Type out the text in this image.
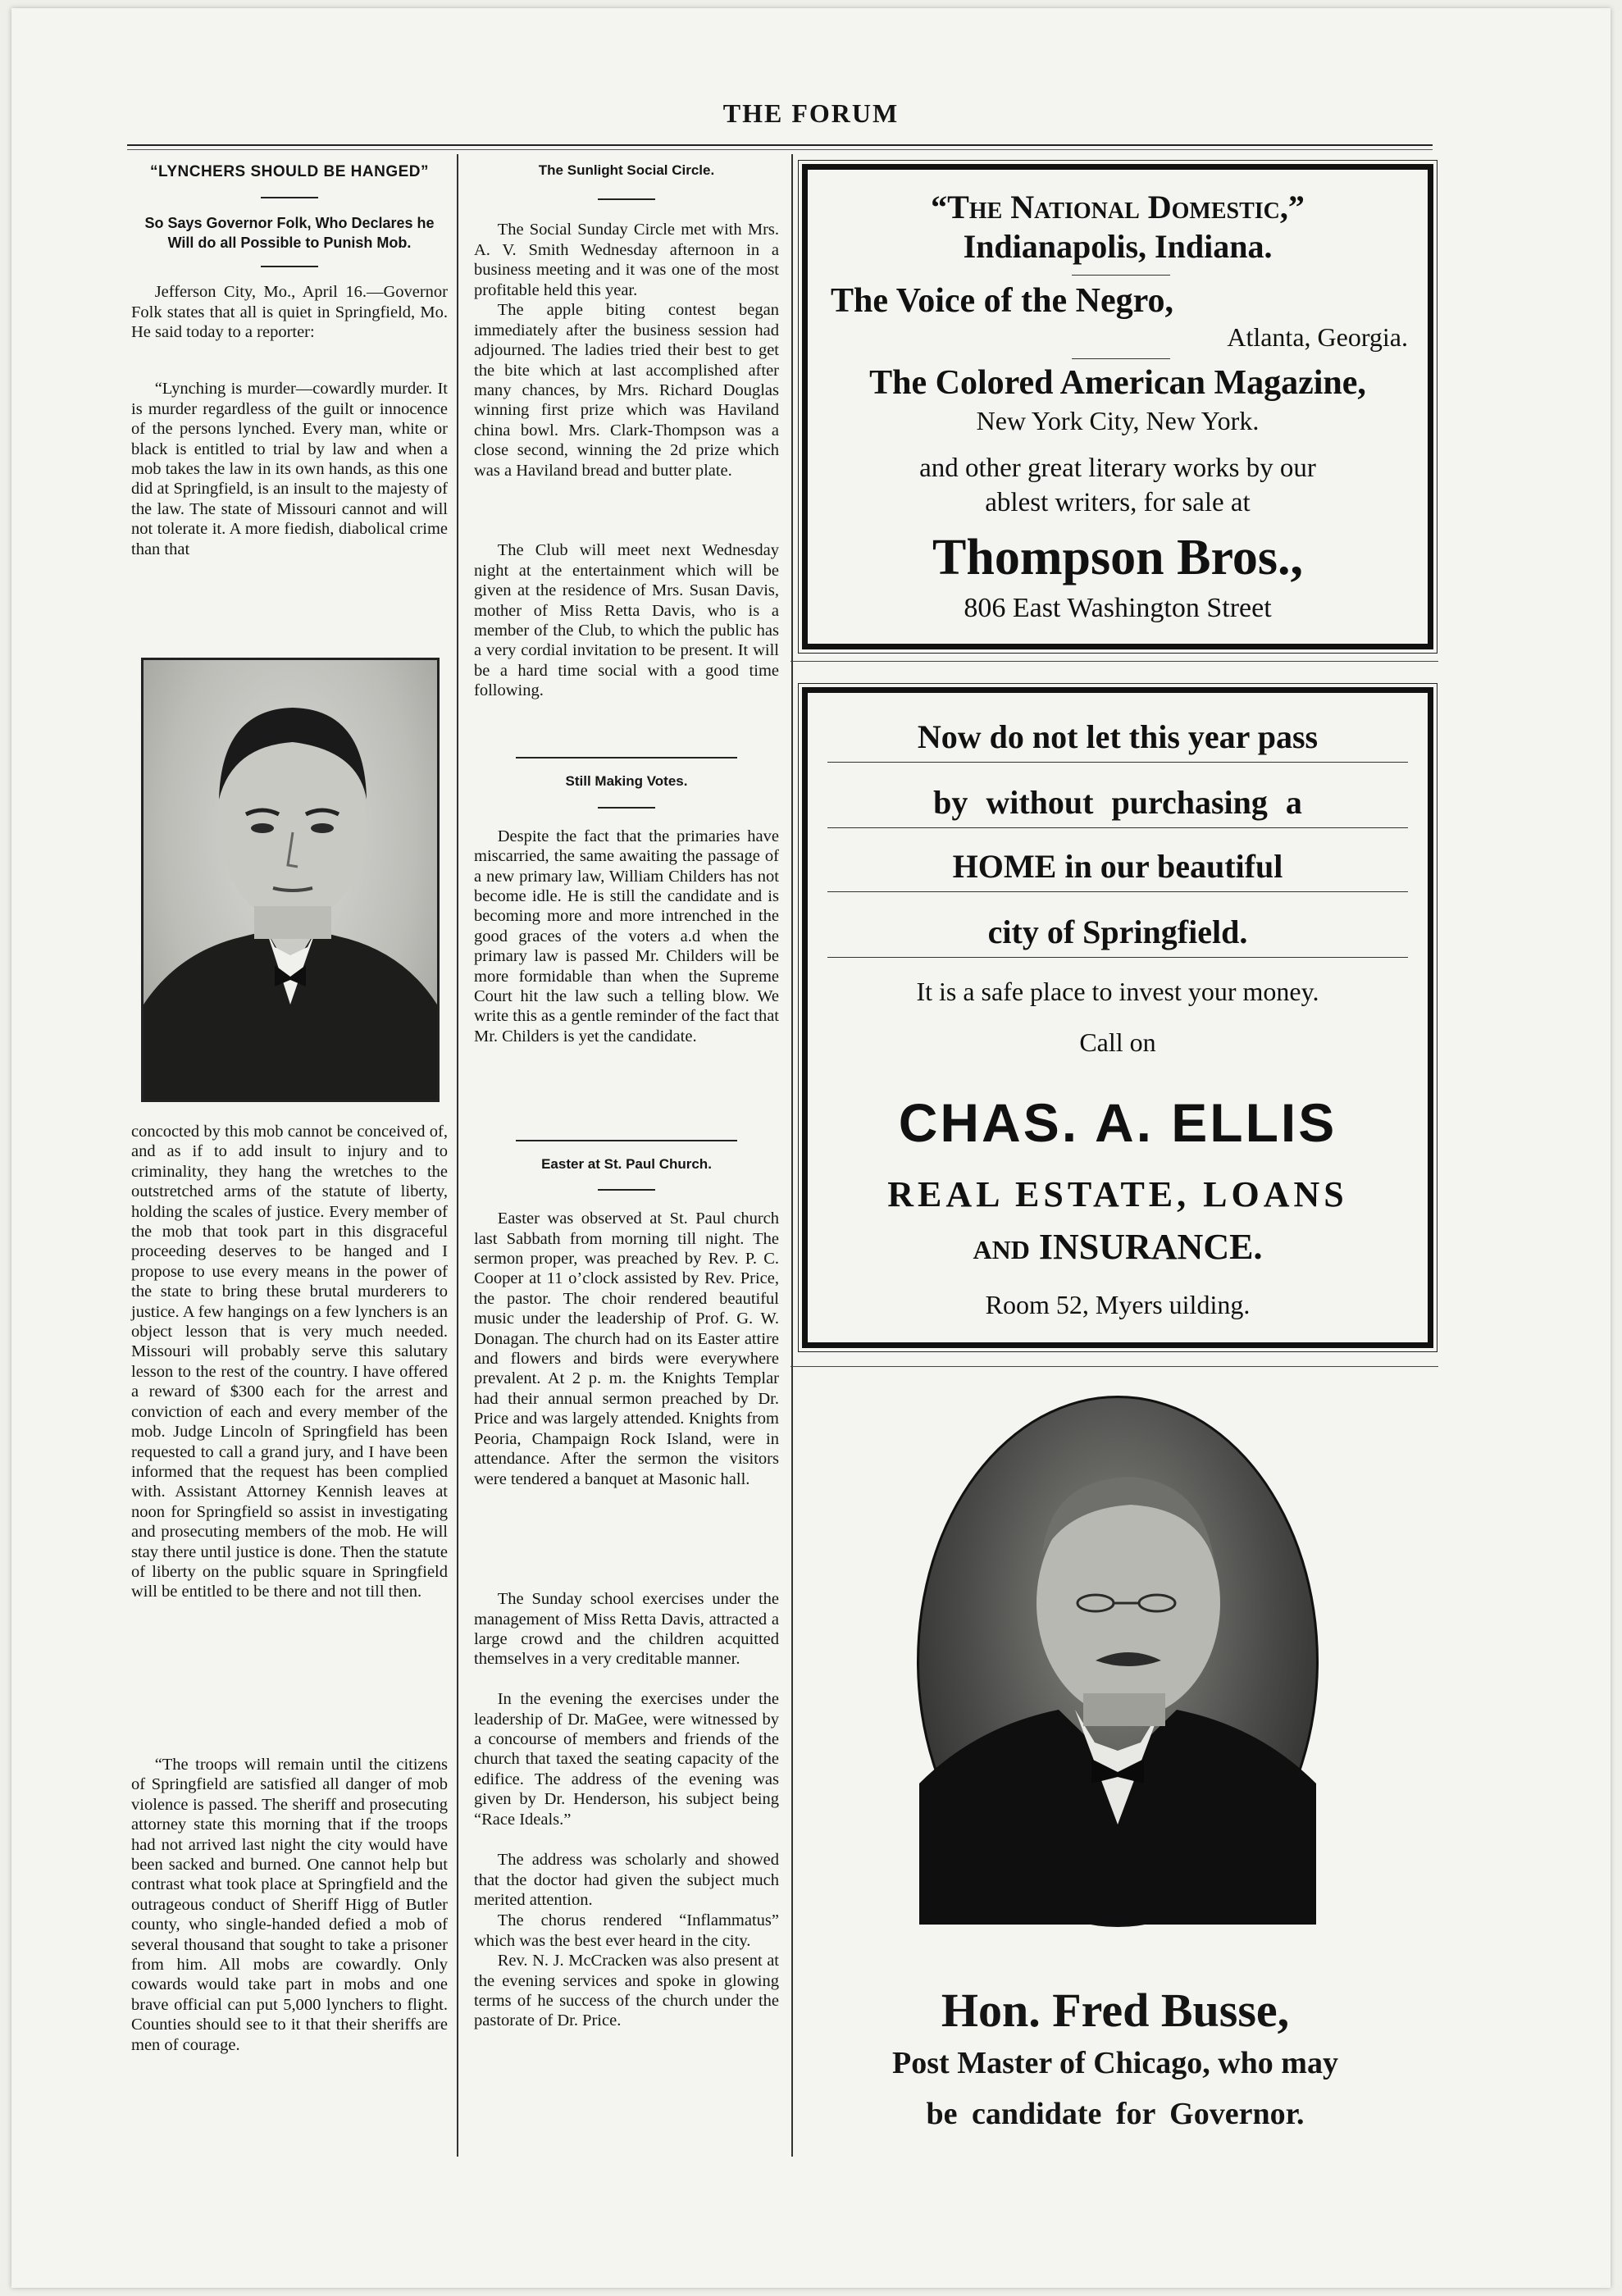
THE FORUM
“LYNCHERS SHOULD BE HANGED”
So Says Governor Folk, Who Declares he Will do all Possible to Punish Mob.

Jefferson City, Mo., April 16.—Governor Folk states that all is quiet in Springfield, Mo. He said today to a reporter:

“Lynching is murder—cowardly murder. It is murder regardless of the guilt or innocence of the persons lynched. Every man, white or black is entitled to trial by law and when a mob takes the law in its own hands, as this one did at Springfield, is an insult to the majesty of the law. The state of Missouri cannot and will not tolerate it. A more fiedish, diabolical crime than that

concocted by this mob cannot be conceived of, and as if to add insult to injury and to criminality, they hang the wretches to the outstretched arms of the statute of liberty, holding the scales of justice. Every member of the mob that took part in this disgraceful proceeding deserves to be hanged and I propose to use every means in the power of the state to bring these brutal murderers to justice. A few hangings on a few lynchers is an object lesson that is very much needed. Missouri will probably serve this salutary lesson to the rest of the country. I have offered a reward of $300 each for the arrest and conviction of each and every member of the mob. Judge Lincoln of Springfield has been requested to call a grand jury, and I have been informed that the request has been complied with. Assistant Attorney Kennish leaves at noon for Springfield so assist in investigating and prosecuting members of the mob. He will stay there until justice is done. Then the statute of liberty on the public square in Springfield will be entitled to be there and not till then.

“The troops will remain until the citizens of Springfield are satisfied all danger of mob violence is passed. The sheriff and prosecuting attorney state this morning that if the troops had not arrived last night the city would have been sacked and burned. One cannot help but contrast what took place at Springfield and the outrageous conduct of Sheriff Higg of Butler county, who single-handed defied a mob of several thousand that sought to take a prisoner from him. All mobs are cowardly. Only cowards would take part in mobs and one brave official can put 5,000 lynchers to flight. Counties should see to it that their sheriffs are men of courage.

The Sunlight Social Circle.

The Social Sunday Circle met with Mrs. A. V. Smith Wednesday afternoon in a business meeting and it was one of the most profitable held this year.

The apple biting contest began immediately after the business session had adjourned. The ladies tried their best to get the bite which at last accomplished after many chances, by Mrs. Richard Douglas winning first prize which was Haviland china bowl. Mrs. Clark-Thompson was a close second, winning the 2d prize which was a Haviland bread and butter plate.

The Club will meet next Wednesday night at the entertainment which will be given at the residence of Mrs. Susan Davis, mother of Miss Retta Davis, who is a member of the Club, to which the public has a very cordial invitation to be present. It will be a hard time social with a good time following.

Still Making Votes.

Despite the fact that the primaries have miscarried, the same awaiting the passage of a new primary law, William Childers has not become idle. He is still the candidate and is becoming more and more intrenched in the good graces of the voters a.d when the primary law is passed Mr. Childers will be more formidable than when the Supreme Court hit the law such a telling blow. We write this as a gentle reminder of the fact that Mr. Childers is yet the candidate.

Easter at St. Paul Church.

Easter was observed at St. Paul church last Sabbath from morning till night. The sermon proper, was preached by Rev. P. C. Cooper at 11 o’clock assisted by Rev. Price, the pastor. The choir rendered beautiful music under the leadership of Prof. G. W. Donagan. The church had on its Easter attire and flowers and birds were everywhere prevalent. At 2 p. m. the Knights Templar had their annual sermon preached by Dr. Price and was largely attended. Knights from Peoria, Champaign Rock Island, were in attendance. After the sermon the visitors were tendered a banquet at Masonic hall.

The Sunday school exercises under the management of Miss Retta Davis, attracted a large crowd and the children acquitted themselves in a very creditable manner.

In the evening the exercises under the leadership of Dr. MaGee, were witnessed by a concourse of members and friends of the church that taxed the seating capacity of the edifice. The address of the evening was given by Dr. Henderson, his subject being “Race Ideals.”

The address was scholarly and showed that the doctor had given the subject much merited attention.

The chorus rendered “Inflammatus” which was the best ever heard in the city.

Rev. N. J. McCracken was also present at the evening services and spoke in glowing terms of he success of the church under the pastorate of Dr. Price.

“The National Domestic,”
Indianapolis, Indiana.
The Voice of the Negro,
Atlanta, Georgia.
The Colored American Magazine,
New York City, New York.
and other great literary works by our
ablest writers, for sale at
Thompson Bros.,
806 East Washington Street
Now do not let this year pass
by without purchasing a
HOME in our beautiful
city of Springfield.
It is a safe place to invest your money.
Call on
CHAS. A. ELLIS
REAL ESTATE, LOANS
AND INSURANCE.
Room 52, Myers uilding.
Hon. Fred Busse,
Post Master of Chicago, who may
be candidate for Governor.
